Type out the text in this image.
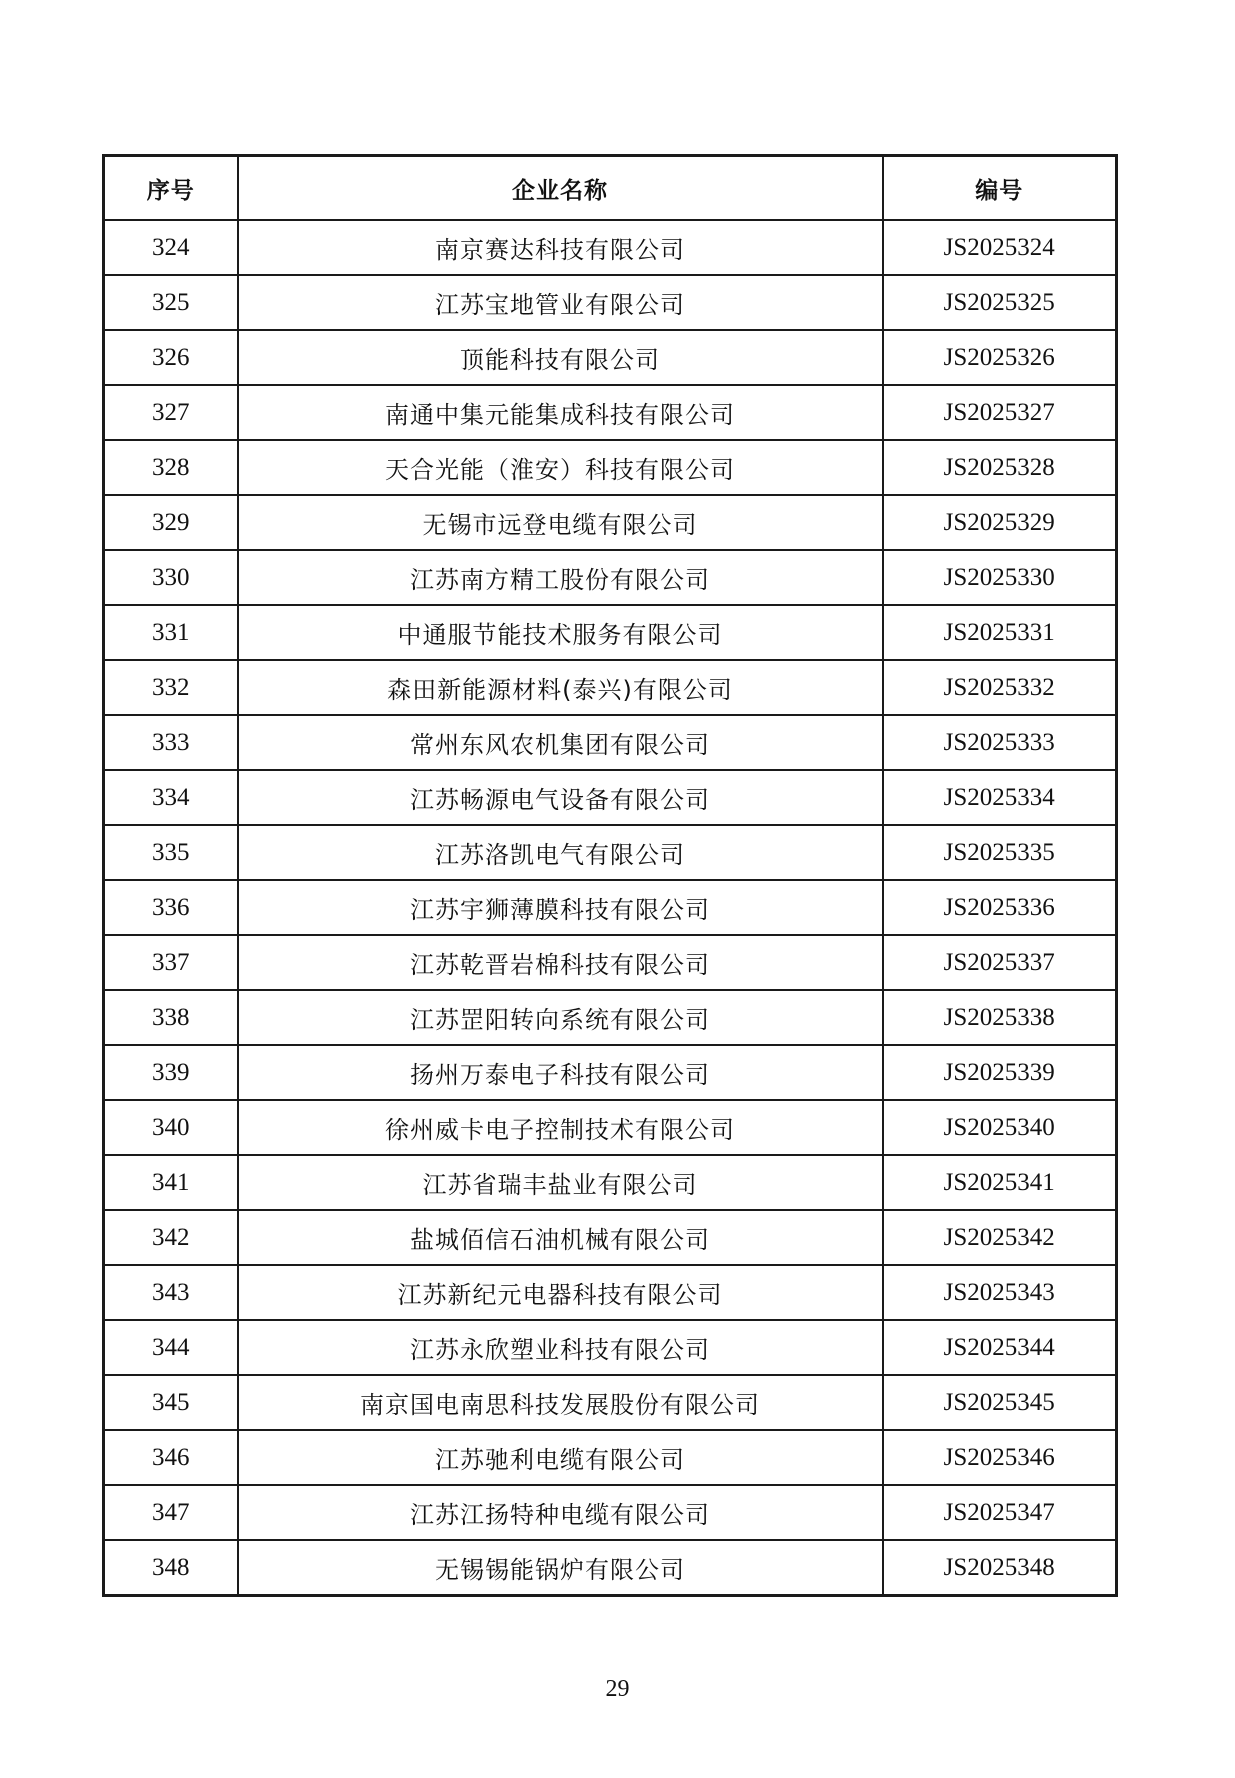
序号	企业名称	编号
324	南京赛达科技有限公司	JS2025324
325	江苏宝地管业有限公司	JS2025325
326	顶能科技有限公司	JS2025326
327	南通中集元能集成科技有限公司	JS2025327
328	天合光能（淮安）科技有限公司	JS2025328
329	无锡市远登电缆有限公司	JS2025329
330	江苏南方精工股份有限公司	JS2025330
331	中通服节能技术服务有限公司	JS2025331
332	森田新能源材料(泰兴)有限公司	JS2025332
333	常州东风农机集团有限公司	JS2025333
334	江苏畅源电气设备有限公司	JS2025334
335	江苏洛凯电气有限公司	JS2025335
336	江苏宇狮薄膜科技有限公司	JS2025336
337	江苏乾晋岩棉科技有限公司	JS2025337
338	江苏罡阳转向系统有限公司	JS2025338
339	扬州万泰电子科技有限公司	JS2025339
340	徐州威卡电子控制技术有限公司	JS2025340
341	江苏省瑞丰盐业有限公司	JS2025341
342	盐城佰信石油机械有限公司	JS2025342
343	江苏新纪元电器科技有限公司	JS2025343
344	江苏永欣塑业科技有限公司	JS2025344
345	南京国电南思科技发展股份有限公司	JS2025345
346	江苏驰利电缆有限公司	JS2025346
347	江苏江扬特种电缆有限公司	JS2025347
348	无锡锡能锅炉有限公司	JS2025348
29
